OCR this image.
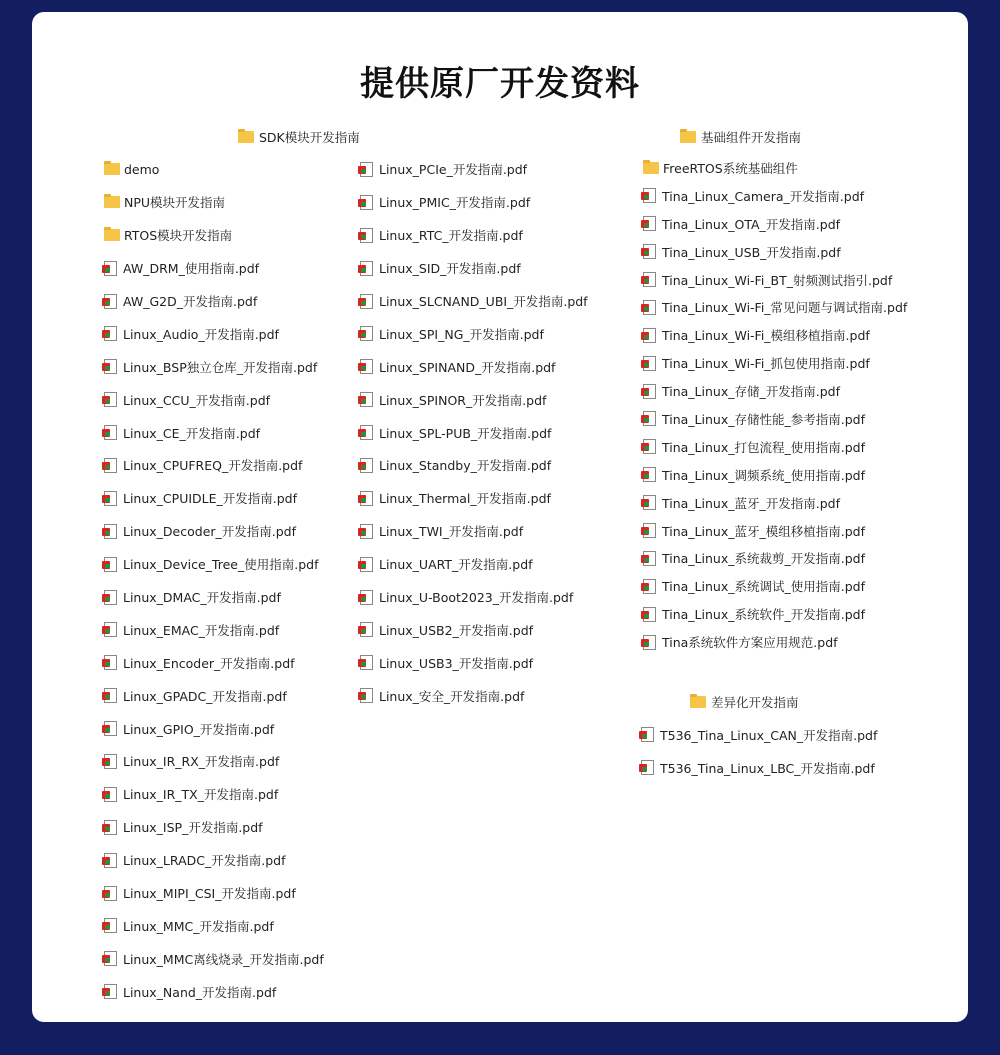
提供原厂开发资料
SDK模块开发指南	基础组件开发指南
差异化开发指南
demo
NPU模块开发指南
RTOS模块开发指南
AW_DRM_使用指南.pdf
AW_G2D_开发指南.pdf
Linux_Audio_开发指南.pdf
Linux_BSP独立仓库_开发指南.pdf
Linux_CCU_开发指南.pdf
Linux_CE_开发指南.pdf
Linux_CPUFREQ_开发指南.pdf
Linux_CPUIDLE_开发指南.pdf
Linux_Decoder_开发指南.pdf
Linux_Device_Tree_使用指南.pdf
Linux_DMAC_开发指南.pdf
Linux_EMAC_开发指南.pdf
Linux_Encoder_开发指南.pdf
Linux_GPADC_开发指南.pdf
Linux_GPIO_开发指南.pdf
Linux_IR_RX_开发指南.pdf
Linux_IR_TX_开发指南.pdf
Linux_ISP_开发指南.pdf
Linux_LRADC_开发指南.pdf
Linux_MIPI_CSI_开发指南.pdf
Linux_MMC_开发指南.pdf
Linux_MMC离线烧录_开发指南.pdf
Linux_Nand_开发指南.pdf
Linux_PCIe_开发指南.pdf
Linux_PMIC_开发指南.pdf
Linux_RTC_开发指南.pdf
Linux_SID_开发指南.pdf
Linux_SLCNAND_UBI_开发指南.pdf
Linux_SPI_NG_开发指南.pdf
Linux_SPINAND_开发指南.pdf
Linux_SPINOR_开发指南.pdf
Linux_SPL-PUB_开发指南.pdf
Linux_Standby_开发指南.pdf
Linux_Thermal_开发指南.pdf
Linux_TWI_开发指南.pdf
Linux_UART_开发指南.pdf
Linux_U-Boot2023_开发指南.pdf
Linux_USB2_开发指南.pdf
Linux_USB3_开发指南.pdf
Linux_安全_开发指南.pdf
FreeRTOS系统基础组件
Tina_Linux_Camera_开发指南.pdf
Tina_Linux_OTA_开发指南.pdf
Tina_Linux_USB_开发指南.pdf
Tina_Linux_Wi-Fi_BT_射频测试指引.pdf
Tina_Linux_Wi-Fi_常见问题与调试指南.pdf
Tina_Linux_Wi-Fi_模组移植指南.pdf
Tina_Linux_Wi-Fi_抓包使用指南.pdf
Tina_Linux_存储_开发指南.pdf
Tina_Linux_存储性能_参考指南.pdf
Tina_Linux_打包流程_使用指南.pdf
Tina_Linux_调频系统_使用指南.pdf
Tina_Linux_蓝牙_开发指南.pdf
Tina_Linux_蓝牙_模组移植指南.pdf
Tina_Linux_系统裁剪_开发指南.pdf
Tina_Linux_系统调试_使用指南.pdf
Tina_Linux_系统软件_开发指南.pdf
Tina系统软件方案应用规范.pdf
T536_Tina_Linux_CAN_开发指南.pdf
T536_Tina_Linux_LBC_开发指南.pdf
